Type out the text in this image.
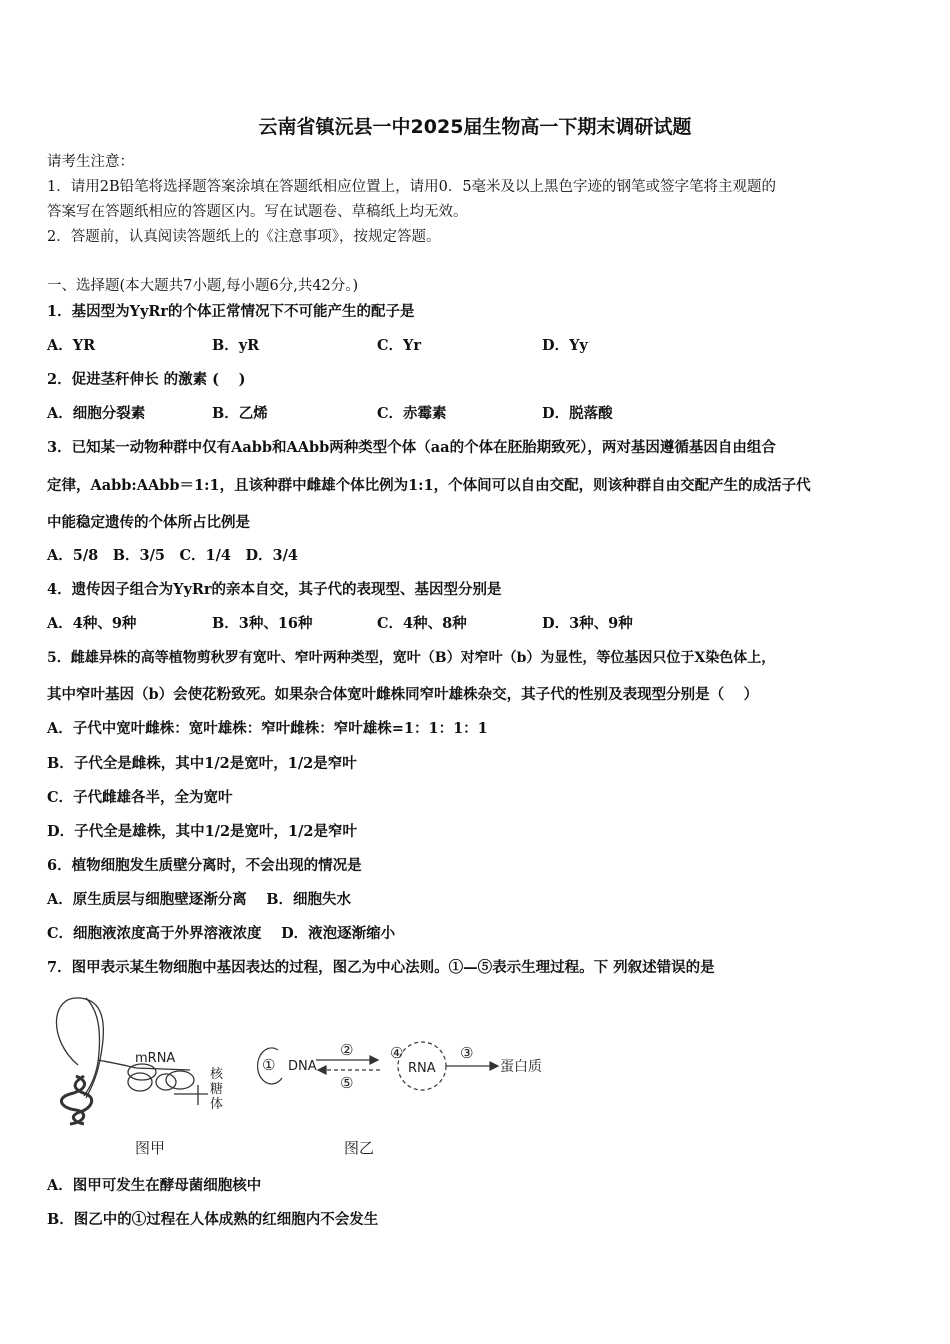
云南省镇沅县一中2025届生物高一下期末调研试题
请考生注意：
1．请用2B铅笔将选择题答案涂填在答题纸相应位置上，请用0．5毫米及以上黑色字迹的钢笔或签字笔将主观题的
答案写在答题纸相应的答题区内。写在试题卷、草稿纸上均无效。
2．答题前，认真阅读答题纸上的《注意事项》，按规定答题。
一、选择题(本大题共7小题,每小题6分,共42分。)
1．基因型为YyRr的个体正常情况下不可能产生的配子是
A．YR	B．yR	C．Yr	D．Yy
2．促进茎秆伸长 的激素 (　 )
A．细胞分裂素	B．乙烯	C．赤霉素	D．脱落酸
3．已知某一动物种群中仅有Aabb和AAbb两种类型个体（aa的个体在胚胎期致死），两对基因遵循基因自由组合
定律，Aabb:AAbb＝1:1，且该种群中雌雄个体比例为1:1，个体间可以自由交配，则该种群自由交配产生的成活子代
中能稳定遗传的个体所占比例是
A．5/8　B．3/5　C．1/4　D．3/4
4．遗传因子组合为YyRr的亲本自交，其子代的表现型、基因型分别是
A．4种、9种	B．3种、16种	C．4种、8种	D．3种、9种
5．雌雄异株的高等植物剪秋罗有宽叶、窄叶两种类型，宽叶（B）对窄叶（b）为显性，等位基因只位于X染色体上，
其中窄叶基因（b）会使花粉致死。如果杂合体宽叶雌株同窄叶雄株杂交，其子代的性别及表现型分别是（　 ）
A．子代中宽叶雌株：宽叶雄株：窄叶雌株：窄叶雄株=1：1：1：1
B．子代全是雌株，其中1/2是宽叶，1/2是窄叶
C．子代雌雄各半，全为宽叶
D．子代全是雄株，其中1/2是宽叶，1/2是窄叶
6．植物细胞发生质壁分离时，不会出现的情况是
A．原生质层与细胞壁逐渐分离　 B．细胞失水
C．细胞液浓度高于外界溶液浓度　 D．液泡逐渐缩小
7．图甲表示某生物细胞中基因表达的过程，图乙为中心法则。①—⑤表示生理过程。下 列叙述错误的是
mRNA
核糖体
图甲
① DNA
②
⑤
④
RNA
③
蛋白质
图乙
A．图甲可发生在酵母菌细胞核中
B．图乙中的①过程在人体成熟的红细胞内不会发生
